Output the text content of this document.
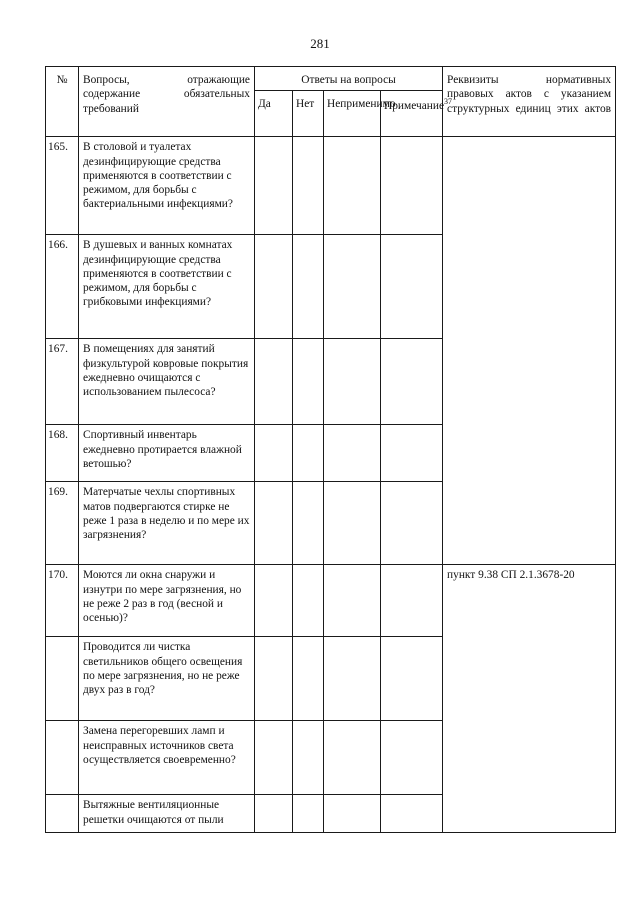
281
№	Вопросы, отражающие содержание обязательных требований	Ответы на вопросы				Реквизиты нормативных правовых актов с указанием структурных единиц этих актов
		Да	Нет	Неприменимо	Примечание$^{37}$
165.	В столовой и туалетах дезинфицирующие средства применяются в соответствии с режимом, для борьбы с бактериальными инфекциями?					
166.	В душевых и ванных комнатах дезинфицирующие средства применяются в соответствии с режимом, для борьбы с грибковыми инфекциями?					
167.	В помещениях для занятий физкультурой ковровые покрытия ежедневно очищаются с использованием пылесоса?					
168.	Спортивный инвентарь ежедневно протирается влажной ветошью?					
169.	Матерчатые чехлы спортивных матов подвергаются стирке не реже 1 раза в неделю и по мере их загрязнения?					
170.	Моются ли окна снаружи и изнутри по мере загрязнения, но не реже 2 раз в год (весной и осенью)?					пункт 9.38 СП 2.1.3678-20
	Проводится ли чистка светильников общего освещения по мере загрязнения, но не реже двух раз в год?					
	Замена перегоревших ламп и неисправных источников света осуществляется своевременно?					
	Вытяжные вентиляционные решетки очищаются от пыли					
